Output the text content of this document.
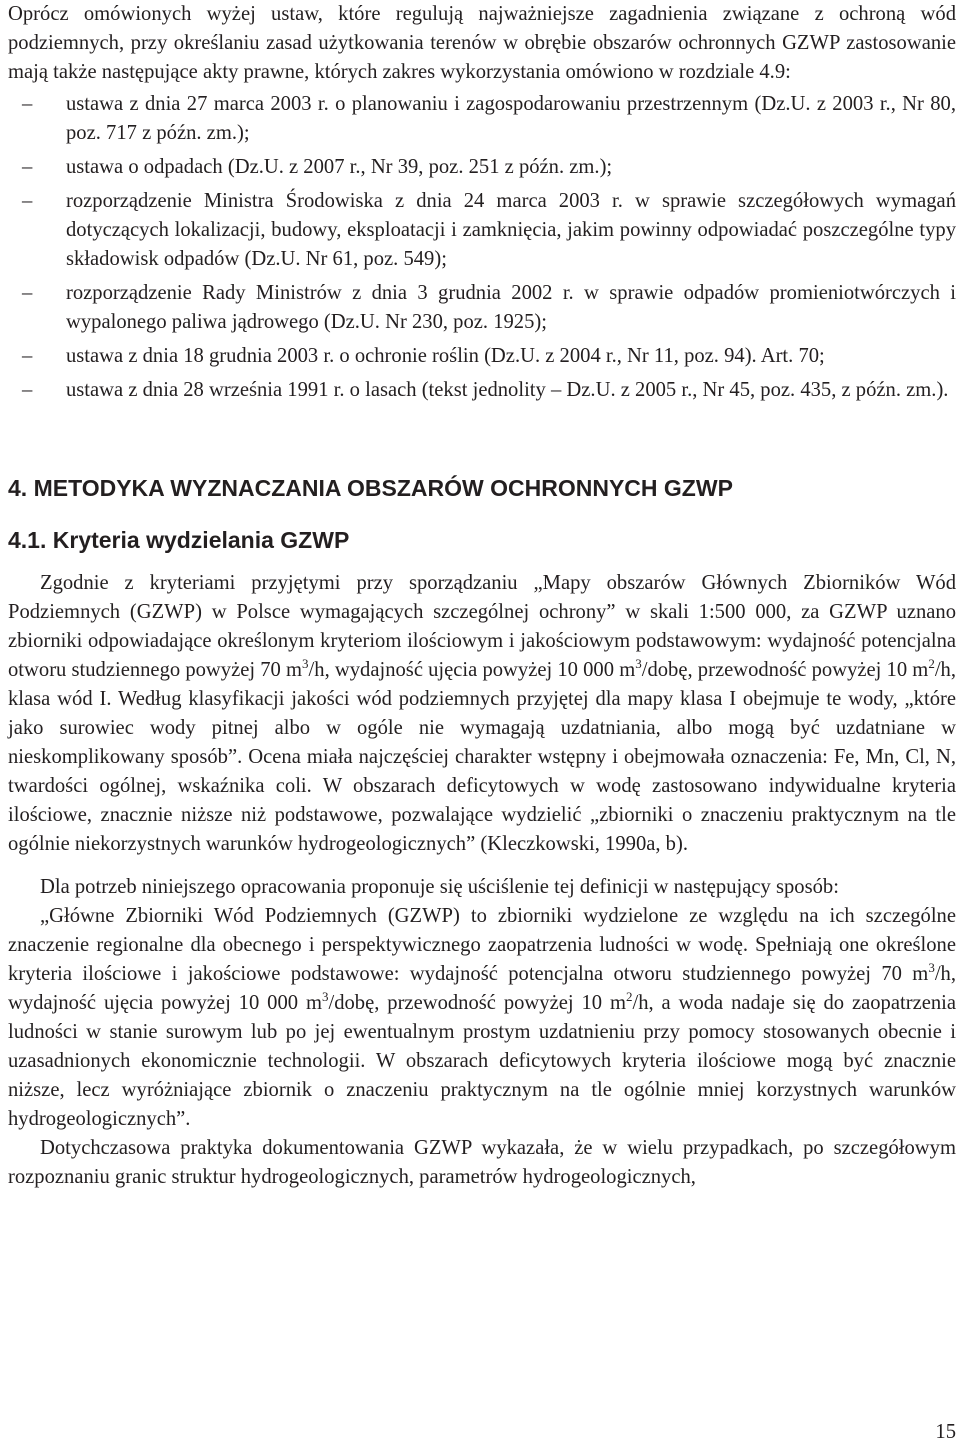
Oprócz omówionych wyżej ustaw, które regulują najważniejsze zagadnienia związane z ochroną wód podziemnych, przy określaniu zasad użytkowania terenów w obrębie obszarów ochronnych GZWP zastosowanie mają także następujące akty prawne, których zakres wykorzystania omówiono w rozdziale 4.9:

– ustawa z dnia 27 marca 2003 r. o planowaniu i zagospodarowaniu przestrzennym (Dz.U. z 2003 r., Nr 80, poz. 717 z późn. zm.);
– ustawa o odpadach (Dz.U. z 2007 r., Nr 39, poz. 251 z późn. zm.);
– rozporządzenie Ministra Środowiska z dnia 24 marca 2003 r. w sprawie szczegółowych wymagań dotyczących lokalizacji, budowy, eksploatacji i zamknięcia, jakim powinny odpowiadać poszczególne typy składowisk odpadów (Dz.U. Nr 61, poz. 549);
– rozporządzenie Rady Ministrów z dnia 3 grudnia 2002 r. w sprawie odpadów promieniotwórczych i wypalonego paliwa jądrowego (Dz.U. Nr 230, poz. 1925);
– ustawa z dnia 18 grudnia 2003 r. o ochronie roślin (Dz.U. z 2004 r., Nr 11, poz. 94). Art. 70;
– ustawa z dnia 28 września 1991 r. o lasach (tekst jednolity – Dz.U. z 2005 r., Nr 45, poz. 435, z późn. zm.).
4. METODYKA WYZNACZANIA OBSZARÓW OCHRONNYCH GZWP
4.1. Kryteria wydzielania GZWP

Zgodnie z kryteriami przyjętymi przy sporządzaniu „Mapy obszarów Głównych Zbiorników Wód Podziemnych (GZWP) w Polsce wymagających szczególnej ochrony” w skali 1:500 000, za GZWP uznano zbiorniki odpowiadające określonym kryteriom ilościowym i jakościowym podstawowym: wydajność potencjalna otworu studziennego powyżej 70 $m^3/h$, wydajność ujęcia powyżej 10 000 $m^3$/dobę, przewodność powyżej 10 $m^2/h$, klasa wód I. Według klasyfikacji jakości wód podziemnych przyjętej dla mapy klasa I obejmuje te wody, „które jako surowiec wody pitnej albo w ogóle nie wymagają uzdatniania, albo mogą być uzdatniane w nieskomplikowany sposób”. Ocena miała najczęściej charakter wstępny i obejmowała oznaczenia: Fe, Mn, Cl, N, twardości ogólnej, wskaźnika coli. W obszarach deficytowych w wodę zastosowano indywidualne kryteria ilościowe, znacznie niższe niż podstawowe, pozwalające wydzielić „zbiorniki o znaczeniu praktycznym na tle ogólnie niekorzystnych warunków hydrogeologicznych” (Kleczkowski, 1990a, b).

Dla potrzeb niniejszego opracowania proponuje się uściślenie tej definicji w następujący sposób:

„Główne Zbiorniki Wód Podziemnych (GZWP) to zbiorniki wydzielone ze względu na ich szczególne znaczenie regionalne dla obecnego i perspektywicznego zaopatrzenia ludności w wodę. Spełniają one określone kryteria ilościowe i jakościowe podstawowe: wydajność potencjalna otworu studziennego powyżej 70 $m^3/h$, wydajność ujęcia powyżej 10 000 $m^3$/dobę, przewodność powyżej 10 $m^2/h$, a woda nadaje się do zaopatrzenia ludności w stanie surowym lub po jej ewentualnym prostym uzdatnieniu przy pomocy stosowanych obecnie i uzasadnionych ekonomicznie technologii. W obszarach deficytowych kryteria ilościowe mogą być znacznie niższe, lecz wyróżniające zbiornik o znaczeniu praktycznym na tle ogólnie mniej korzystnych warunków hydrogeologicznych”.

Dotychczasowa praktyka dokumentowania GZWP wykazała, że w wielu przypadkach, po szczegółowym rozpoznaniu granic struktur hydrogeologicznych, parametrów hydrogeologicznych,

15
